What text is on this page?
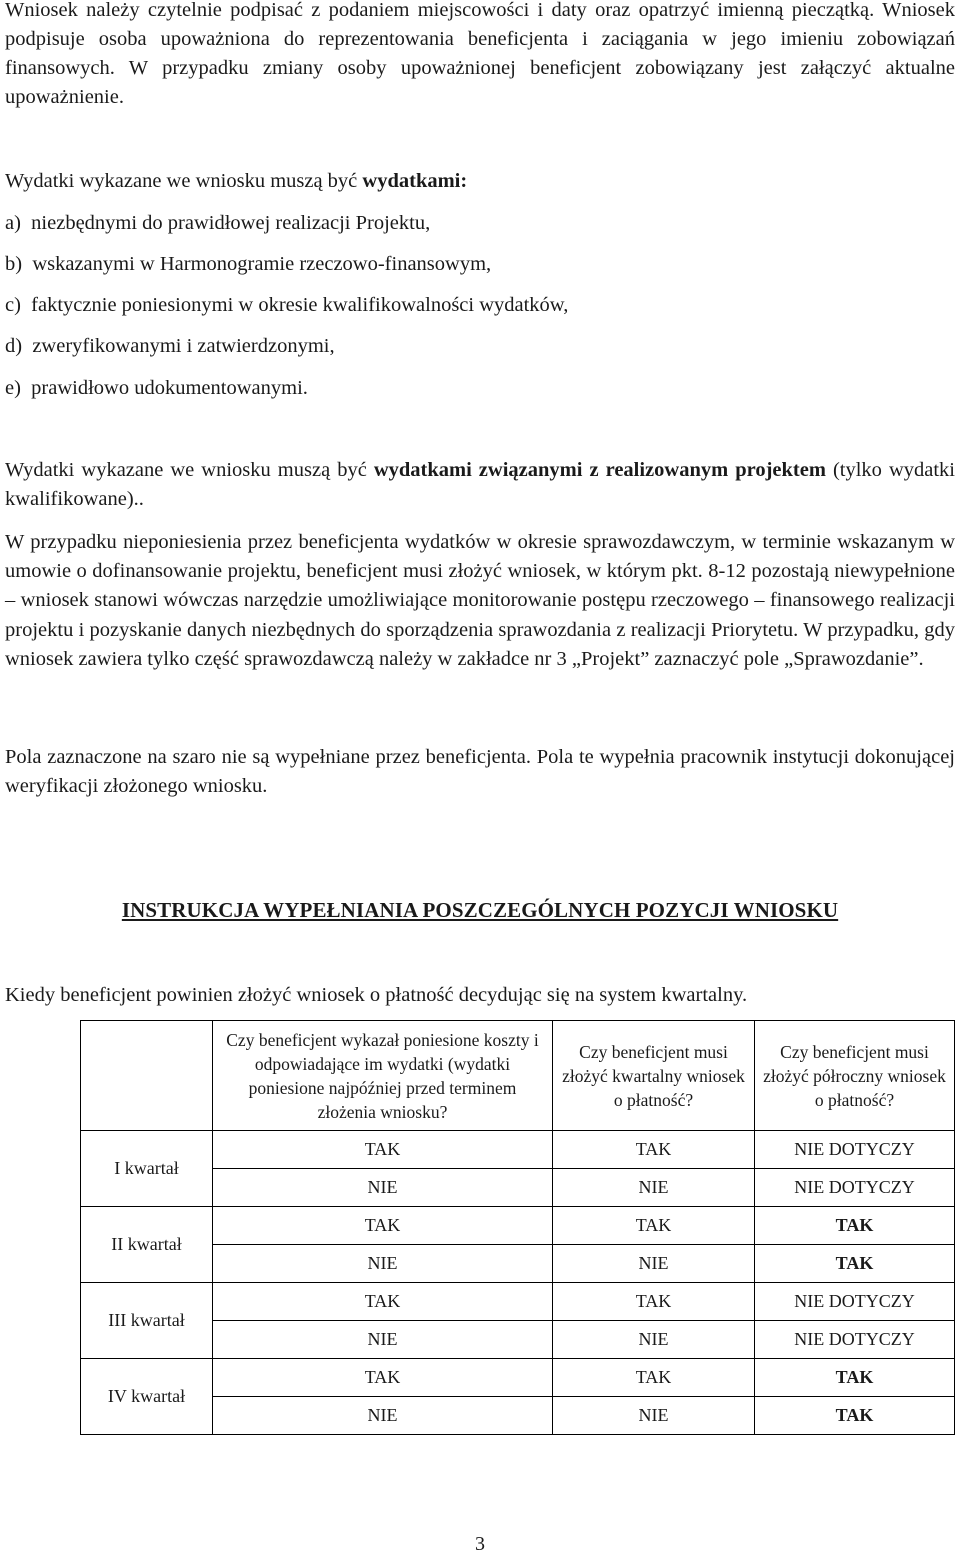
Wniosek należy czytelnie podpisać z podaniem miejscowości i daty oraz opatrzyć imienną pieczątką. Wniosek podpisuje osoba upoważniona do reprezentowania beneficjenta i zaciągania w jego imieniu zobowiązań finansowych. W przypadku zmiany osoby upoważnionej beneficjent zobowiązany jest załączyć aktualne upoważnienie.
Wydatki wykazane we wniosku muszą być wydatkami:
a)  niezbędnymi do prawidłowej realizacji Projektu,
b)  wskazanymi w Harmonogramie rzeczowo-finansowym,
c)  faktycznie poniesionymi w okresie kwalifikowalności wydatków,
d)  zweryfikowanymi i zatwierdzonymi,
e)  prawidłowo udokumentowanymi.
Wydatki wykazane we wniosku muszą być wydatkami związanymi z realizowanym projektem (tylko wydatki kwalifikowane)..
W przypadku nieponiesienia przez beneficjenta wydatków w okresie sprawozdawczym, w terminie wskazanym w umowie o dofinansowanie projektu, beneficjent musi złożyć wniosek, w którym pkt. 8-12 pozostają niewypełnione – wniosek stanowi wówczas narzędzie umożliwiające monitorowanie postępu rzeczowego – finansowego realizacji projektu i pozyskanie danych niezbędnych do sporządzenia sprawozdania z realizacji Priorytetu. W przypadku, gdy wniosek zawiera tylko część sprawozdawczą należy w zakładce nr 3 „Projekt” zaznaczyć pole „Sprawozdanie”.
Pola zaznaczone na szaro nie są wypełniane przez beneficjenta. Pola te wypełnia pracownik instytucji dokonującej weryfikacji złożonego wniosku.
INSTRUKCJA WYPEŁNIANIA POSZCZEGÓLNYCH POZYCJI WNIOSKU
Kiedy beneficjent powinien złożyć wniosek o płatność decydując się na system kwartalny.
	Czy beneficjent wykazał poniesione koszty i odpowiadające im wydatki (wydatki poniesione najpóźniej przed terminem złożenia wniosku?	Czy beneficjent musi złożyć kwartalny wniosek o płatność?	Czy beneficjent musi złożyć półroczny wniosek o płatność?
I kwartał	TAK	TAK	NIE DOTYCZY
	NIE	NIE	NIE DOTYCZY
II kwartał	TAK	TAK	TAK
	NIE	NIE	TAK
III kwartał	TAK	TAK	NIE DOTYCZY
	NIE	NIE	NIE DOTYCZY
IV kwartał	TAK	TAK	TAK
	NIE	NIE	TAK
3
